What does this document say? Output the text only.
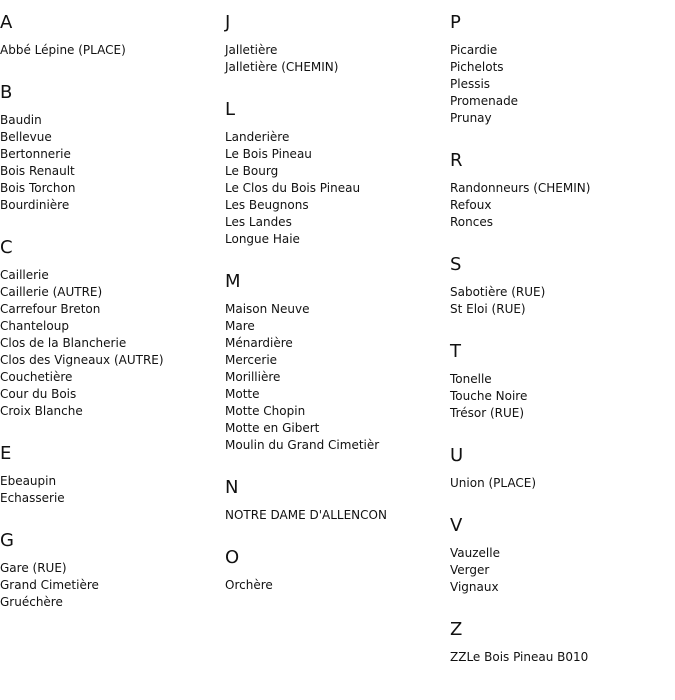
A
Abbé Lépine (PLACE)
B
Baudin
Bellevue
Bertonnerie
Bois Renault
Bois Torchon
Bourdinière
C
Caillerie
Caillerie (AUTRE)
Carrefour Breton
Chanteloup
Clos de la Blancherie
Clos des Vigneaux (AUTRE)
Couchetière
Cour du Bois
Croix Blanche
E
Ebeaupin
Echasserie
G
Gare (RUE)
Grand Cimetière
Gruéchère
J
Jalletière
Jalletière (CHEMIN)
L
Landerière
Le Bois Pineau
Le Bourg
Le Clos du Bois Pineau
Les Beugnons
Les Landes
Longue Haie
M
Maison Neuve
Mare
Ménardière
Mercerie
Morillière
Motte
Motte Chopin
Motte en Gibert
Moulin du Grand Cimetièr
N
NOTRE DAME D'ALLENCON
O
Orchère
P
Picardie
Pichelots
Plessis
Promenade
Prunay
R
Randonneurs (CHEMIN)
Refoux
Ronces
S
Sabotière (RUE)
St Eloi (RUE)
T
Tonelle
Touche Noire
Trésor (RUE)
U
Union (PLACE)
V
Vauzelle
Verger
Vignaux
Z
ZZLe Bois Pineau B010
